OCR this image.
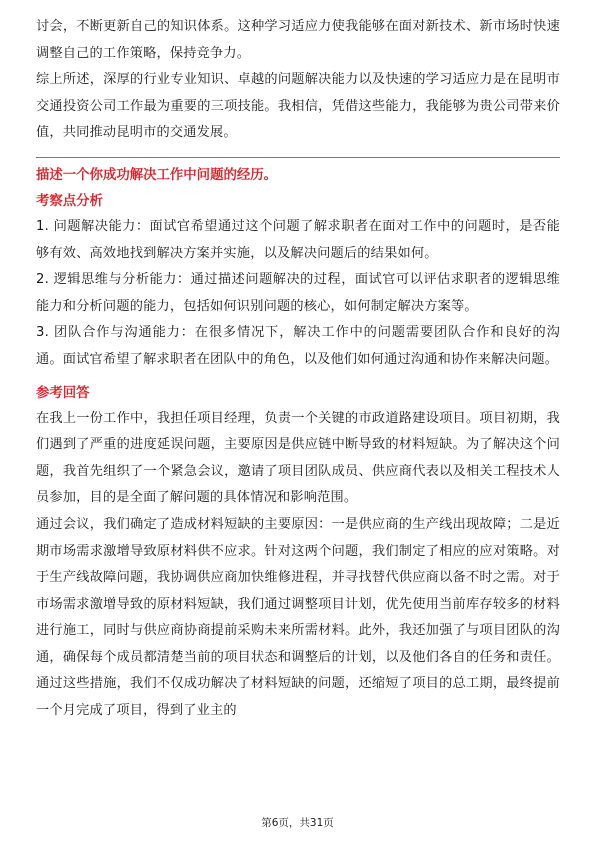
讨会，不断更新自己的知识体系。这种学习适应力使我能够在面对新技术、新市场时快速调整自己的工作策略，保持竞争力。

综上所述，深厚的行业专业知识、卓越的问题解决能力以及快速的学习适应力是在昆明市交通投资公司工作最为重要的三项技能。我相信，凭借这些能力，我能够为贵公司带来价值，共同推动昆明市的交通发展。

描述一个你成功解决工作中问题的经历。
考察点分析

1. 问题解决能力：面试官希望通过这个问题了解求职者在面对工作中的问题时，是否能够有效、高效地找到解决方案并实施，以及解决问题后的结果如何。

2. 逻辑思维与分析能力：通过描述问题解决的过程，面试官可以评估求职者的逻辑思维能力和分析问题的能力，包括如何识别问题的核心，如何制定解决方案等。

3. 团队合作与沟通能力：在很多情况下，解决工作中的问题需要团队合作和良好的沟通。面试官希望了解求职者在团队中的角色，以及他们如何通过沟通和协作来解决问题。

参考回答

在我上一份工作中，我担任项目经理，负责一个关键的市政道路建设项目。项目初期，我们遇到了严重的进度延误问题，主要原因是供应链中断导致的材料短缺。为了解决这个问题，我首先组织了一个紧急会议，邀请了项目团队成员、供应商代表以及相关工程技术人员参加，目的是全面了解问题的具体情况和影响范围。

通过会议，我们确定了造成材料短缺的主要原因：一是供应商的生产线出现故障；二是近期市场需求激增导致原材料供不应求。针对这两个问题，我们制定了相应的应对策略。对于生产线故障问题，我协调供应商加快维修进程，并寻找替代供应商以备不时之需。对于市场需求激增导致的原材料短缺，我们通过调整项目计划，优先使用当前库存较多的材料进行施工，同时与供应商协商提前采购未来所需材料。此外，我还加强了与项目团队的沟通，确保每个成员都清楚当前的项目状态和调整后的计划，以及他们各自的任务和责任。通过这些措施，我们不仅成功解决了材料短缺的问题，还缩短了项目的总工期，最终提前一个月完成了项目，得到了业主的

第6页，共31页
